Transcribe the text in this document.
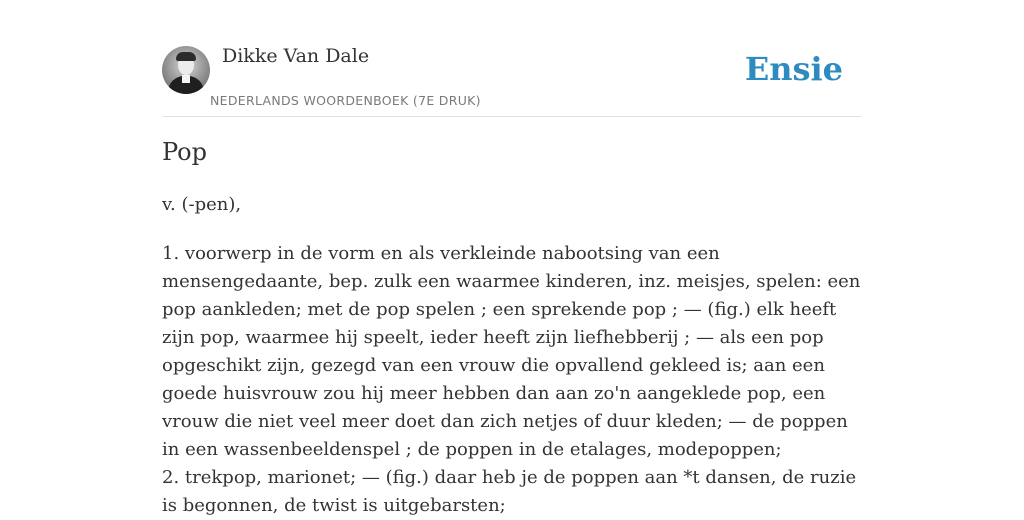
Dikke Van Dale
NEDERLANDS WOORDENBOEK (7E DRUK)
Ensie
Pop
v. (-pen),

1. voorwerp in de vorm en als verkleinde nabootsing van een mensengedaante, bep. zulk een waarmee kinderen, inz. meisjes, spelen: een pop aankleden; met de pop spelen ; een sprekende pop ; — (fig.) elk heeft zijn pop, waarmee hij speelt, ieder heeft zijn liefhebberij ; — als een pop opgeschikt zijn, gezegd van een vrouw die opvallend gekleed is; aan een goede huisvrouw zou hij meer hebben dan aan zo'n aangeklede pop, een vrouw die niet veel meer doet dan zich netjes of duur kleden; — de poppen in een wassenbeeldenspel ; de poppen in de etalages, modepoppen;

2. trekpop, marionet; — (fig.) daar heb je de poppen aan *t dansen, de ruzie is begonnen, de twist is uitgebarsten;
